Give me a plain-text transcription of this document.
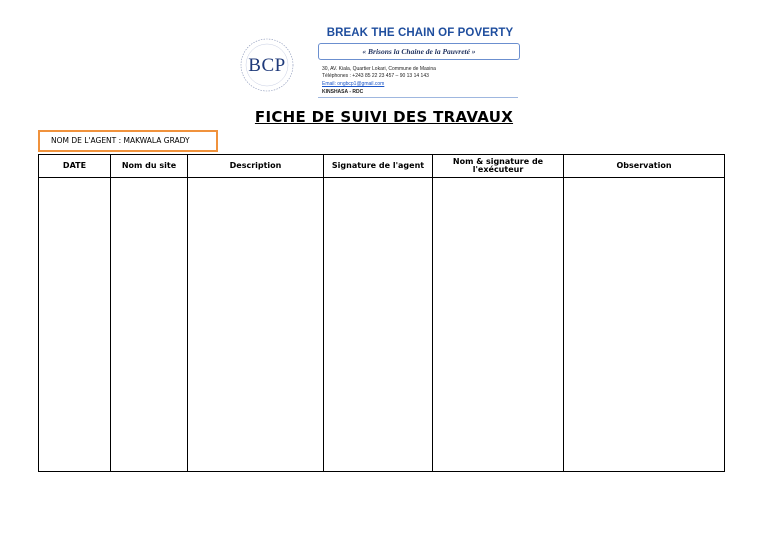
BCP
BREAK THE CHAIN OF POVERTY
« Brisons la Chaine de la Pauvreté »
30, AV. Kiala, Quartier Lokari, Commune de Masina
Téléphones : +243 85 22 23 457 – 90 13 14 143
Email: ongbcp1@gmail.com
KINSHASA - RDC
FICHE DE SUIVI DES TRAVAUX
NOM DE L'AGENT : MAKWALA GRADY
DATE	Nom du site	Description	Signature de l'agent	Nom & signature de l'exécuteur	Observation
